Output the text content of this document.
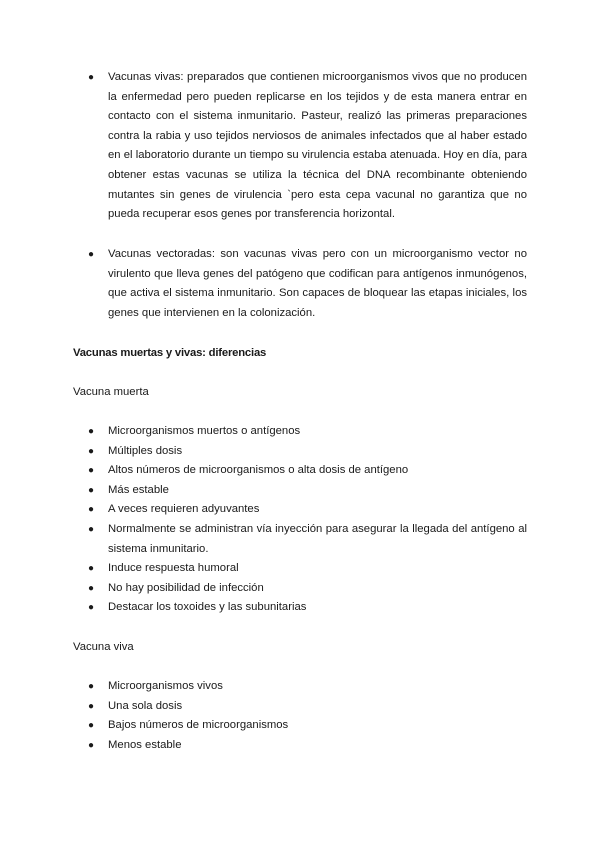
● Vacunas vivas: preparados que contienen microorganismos vivos que no producen la enfermedad pero pueden replicarse en los tejidos y de esta manera entrar en contacto con el sistema inmunitario. Pasteur, realizó las primeras preparaciones contra la rabia y uso tejidos nerviosos de animales infectados que al haber estado en el laboratorio durante un tiempo su virulencia estaba atenuada. Hoy en día, para obtener estas vacunas se utiliza la técnica del DNA recombinante obteniendo mutantes sin genes de virulencia `pero esta cepa vacunal no garantiza que no pueda recuperar esos genes por transferencia horizontal.
● Vacunas vectoradas: son vacunas vivas pero con un microorganismo vector no virulento que lleva genes del patógeno que codifican para antígenos inmunógenos, que activa el sistema inmunitario. Son capaces de bloquear las etapas iniciales, los genes que intervienen en la colonización.
Vacunas muertas y vivas: diferencias
Vacuna muerta
● Microorganismos muertos o antígenos
● Múltiples dosis
● Altos números de microorganismos o alta dosis de antígeno
● Más estable
● A veces requieren adyuvantes
● Normalmente se administran vía inyección para asegurar la llegada del antígeno al sistema inmunitario.
● Induce respuesta humoral
● No hay posibilidad de infección
● Destacar los toxoides y las subunitarias
Vacuna viva
● Microorganismos vivos
● Una sola dosis
● Bajos números de microorganismos
● Menos estable
